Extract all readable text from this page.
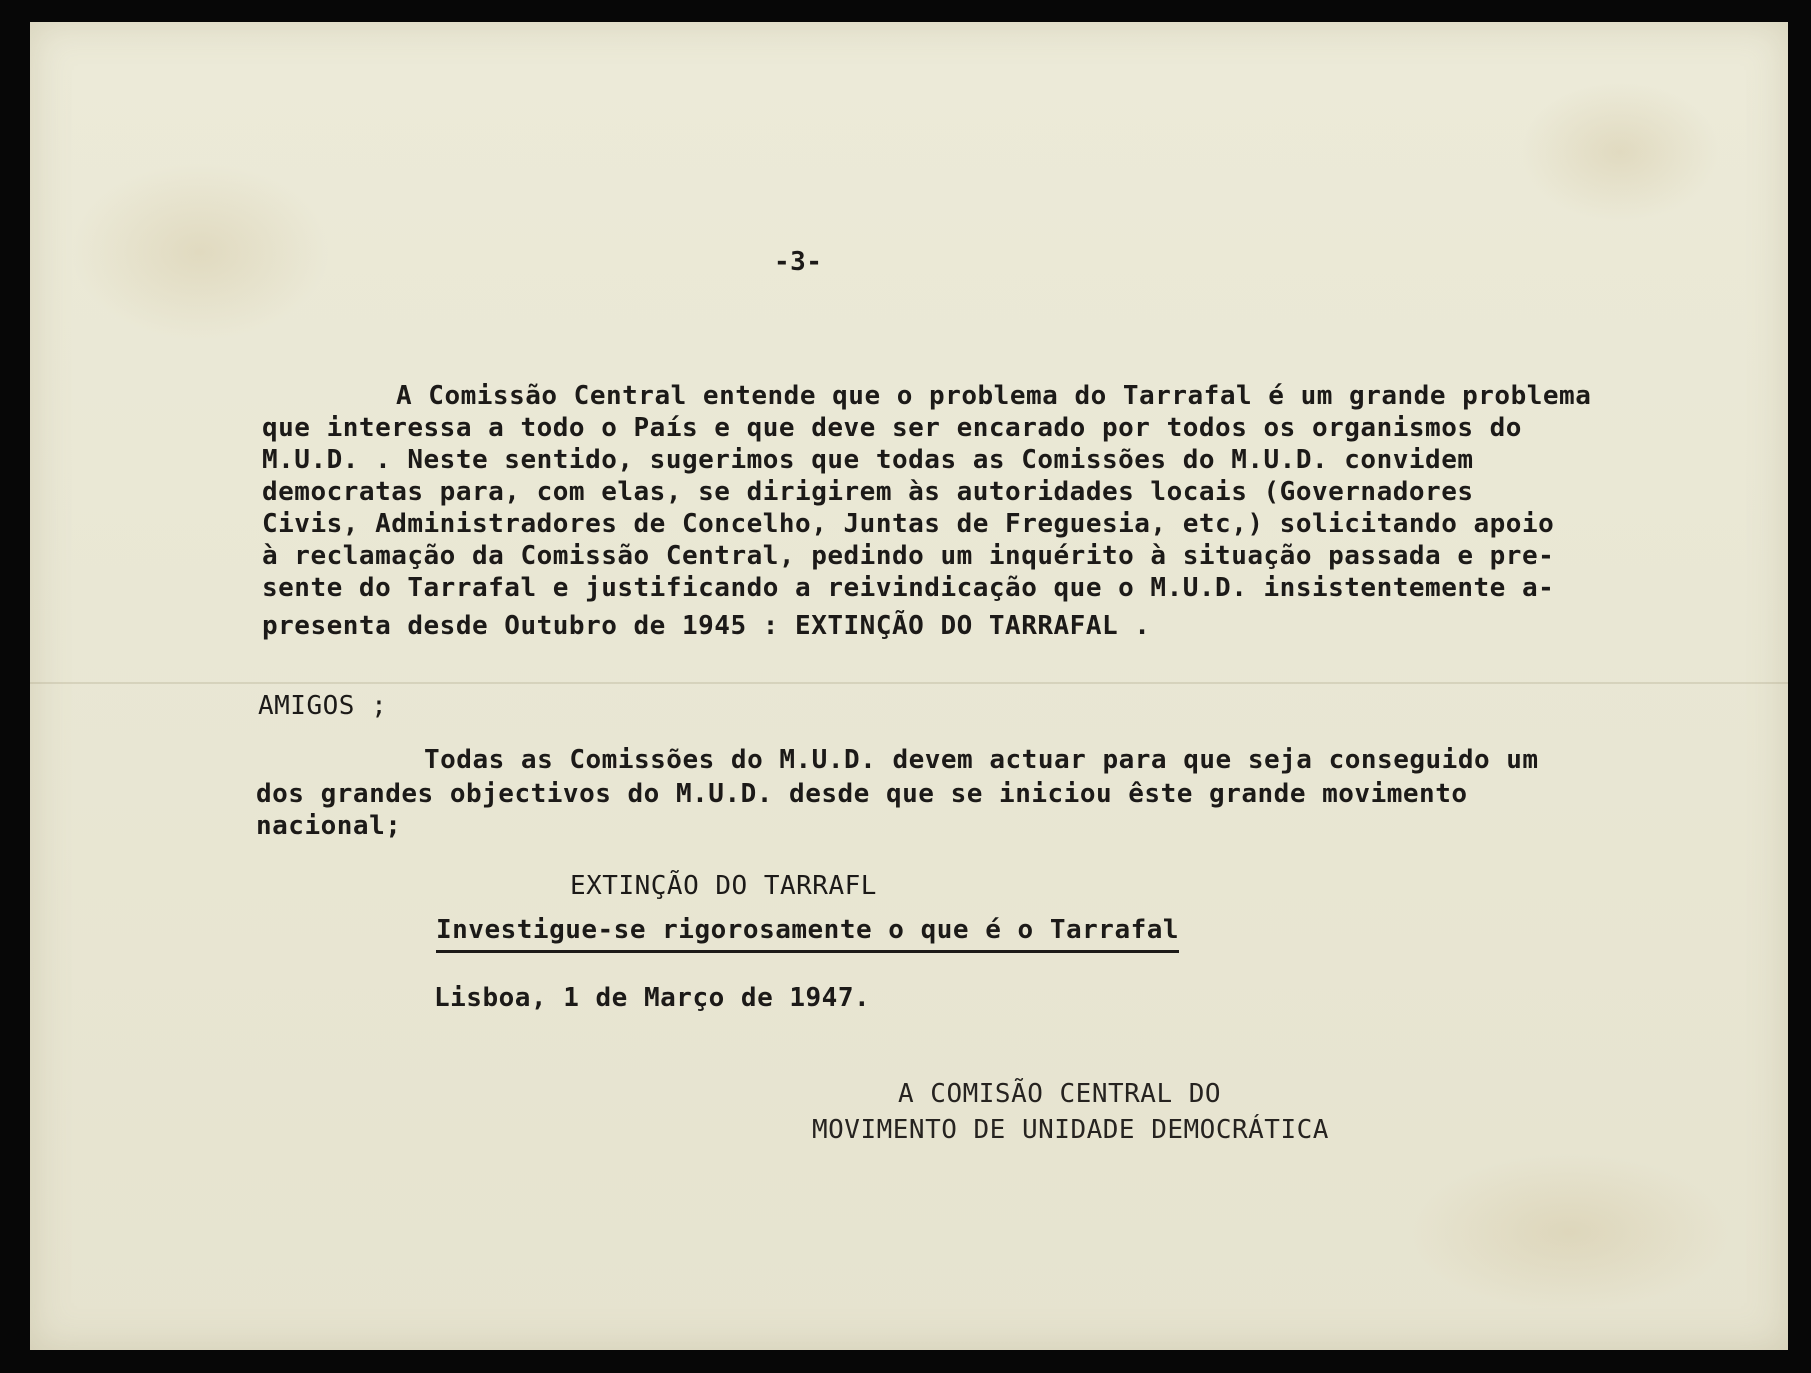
-3-
A Comissão Central entende que o problema do Tarrafal é um grande problema
que interessa a todo o País e que deve ser encarado por todos os organismos do
M.U.D. . Neste sentido, sugerimos que todas as Comissões do M.U.D. convidem
democratas para, com elas, se dirigirem às autoridades locais (Governadores
Civis, Administradores de Concelho, Juntas de Freguesia, etc,) solicitando apoio
à reclamação da Comissão Central, pedindo um inquérito à situação passada e pre-
sente do Tarrafal e justificando a reivindicação que o M.U.D. insistentemente a-
presenta desde Outubro de 1945 : EXTINÇÃO DO TARRAFAL .
AMIGOS ;
Todas as Comissões do M.U.D. devem actuar para que seja conseguido um
dos grandes objectivos do M.U.D. desde que se iniciou êste grande movimento
nacional;
EXTINÇÃO DO TARRAFL
Investigue-se rigorosamente o que é o Tarrafal
Lisboa, 1 de Março de 1947.
A COMISÃO CENTRAL DO
MOVIMENTO DE UNIDADE DEMOCRÁTICA
